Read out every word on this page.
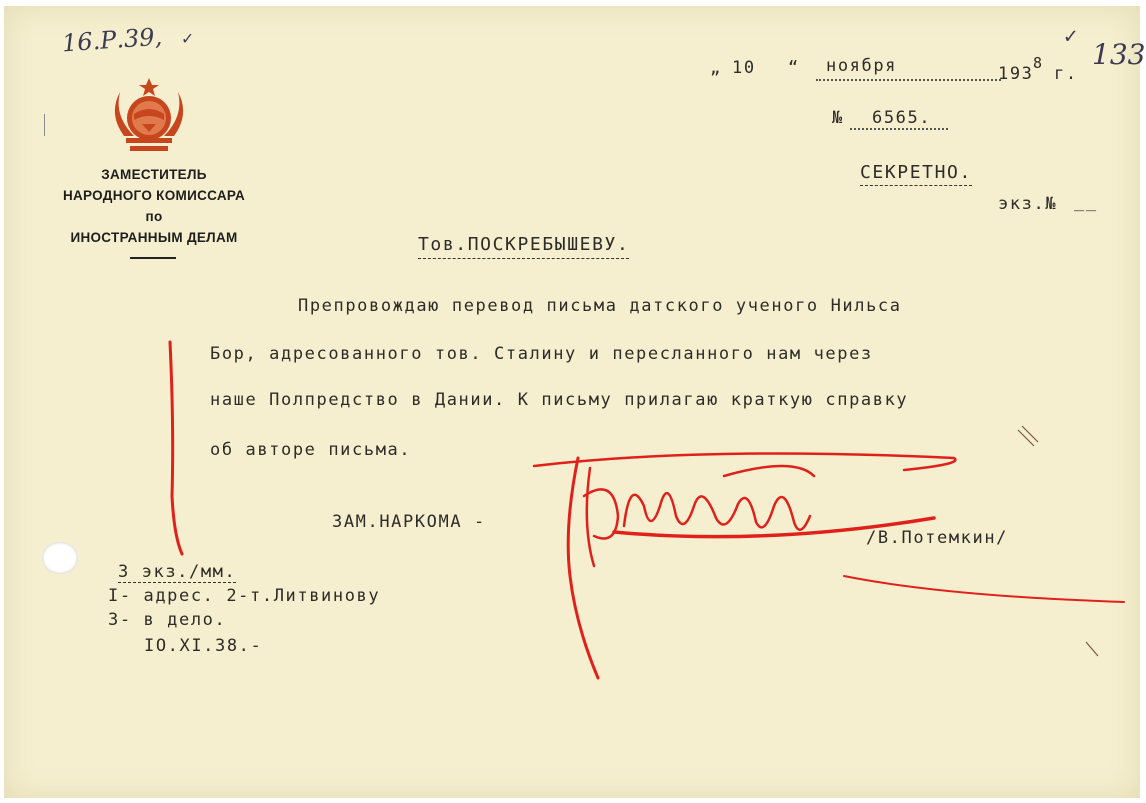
16.Р.39, ✓	133
✓
ЗАМЕСТИТЕЛЬ
НАРОДНОГО КОМИССАРА
по
ИНОСТРАННЫМ ДЕЛАМ
„ 10 “ ноября	193
8
г.
№ 6565.
СЕКРЕТНО.
экз.№ __
Тов.ПОСКРЕБЫШЕВУ.
Препровождаю перевод письма датского ученого Нильса
Бор, адресованного тов. Сталину и пересланного нам через
наше Полпредство в Дании. К письму прилагаю краткую справку
об авторе письма.
ЗАМ.НАРКОМА -
/В.Потемкин/
3 экз./мм.
I- адрес. 2-т.Литвинову
3- в дело.
IO.XI.38.-
